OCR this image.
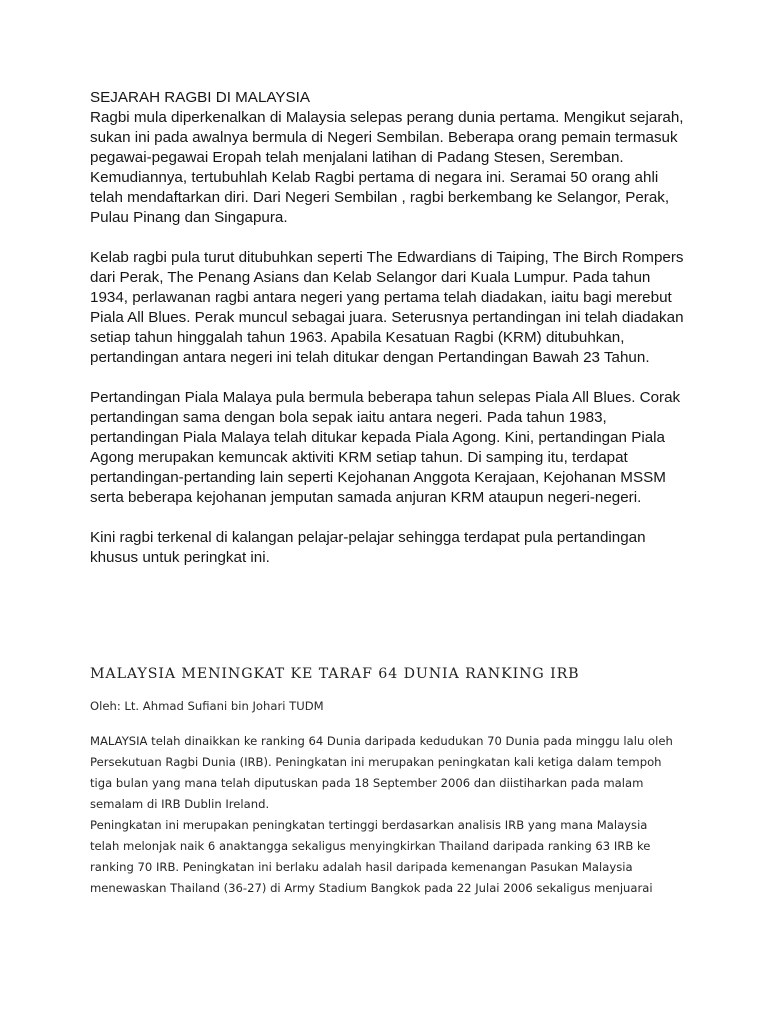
SEJARAH RAGBI DI MALAYSIA
Ragbi mula diperkenalkan di Malaysia selepas perang dunia pertama. Mengikut sejarah, sukan ini pada awalnya bermula di Negeri Sembilan. Beberapa orang pemain termasuk pegawai-pegawai Eropah telah menjalani latihan di Padang Stesen, Seremban. Kemudiannya, tertubuhlah Kelab Ragbi pertama di negara ini. Seramai 50 orang ahli telah mendaftarkan diri. Dari Negeri Sembilan , ragbi berkembang ke Selangor, Perak, Pulau Pinang dan Singapura.

Kelab ragbi pula turut ditubuhkan seperti The Edwardians di Taiping, The Birch Rompers dari Perak, The Penang Asians dan Kelab Selangor dari Kuala Lumpur. Pada tahun 1934, perlawanan ragbi antara negeri yang pertama telah diadakan, iaitu bagi merebut Piala All Blues. Perak muncul sebagai juara. Seterusnya pertandingan ini telah diadakan setiap tahun hinggalah tahun 1963. Apabila Kesatuan Ragbi (KRM) ditubuhkan, pertandingan antara negeri ini telah ditukar dengan Pertandingan Bawah 23 Tahun.

Pertandingan Piala Malaya pula bermula beberapa tahun selepas Piala All Blues. Corak pertandingan sama dengan bola sepak iaitu antara negeri. Pada tahun 1983, pertandingan Piala Malaya telah ditukar kepada Piala Agong. Kini, pertandingan Piala Agong merupakan kemuncak aktiviti KRM setiap tahun. Di samping itu, terdapat pertandingan-pertanding lain seperti Kejohanan Anggota Kerajaan, Kejohanan MSSM serta beberapa kejohanan jemputan samada anjuran KRM ataupun negeri-negeri.

Kini ragbi terkenal di kalangan pelajar-pelajar sehingga terdapat pula pertandingan khusus untuk peringkat ini.

MALAYSIA MENINGKAT KE TARAF 64 DUNIA RANKING IRB
Oleh: Lt. Ahmad Sufiani bin Johari TUDM

MALAYSIA telah dinaikkan ke ranking 64 Dunia daripada kedudukan 70 Dunia pada minggu lalu oleh Persekutuan Ragbi Dunia (IRB). Peningkatan ini merupakan peningkatan kali ketiga dalam tempoh tiga bulan yang mana telah diputuskan pada 18 September 2006 dan diistiharkan pada malam semalam di IRB Dublin Ireland.

Peningkatan ini merupakan peningkatan tertinggi berdasarkan analisis IRB yang mana Malaysia telah melonjak naik 6 anaktangga sekaligus menyingkirkan Thailand daripada ranking 63 IRB ke ranking 70 IRB. Peningkatan ini berlaku adalah hasil daripada kemenangan Pasukan Malaysia menewaskan Thailand (36-27) di Army Stadium Bangkok pada 22 Julai 2006 sekaligus menjuarai
